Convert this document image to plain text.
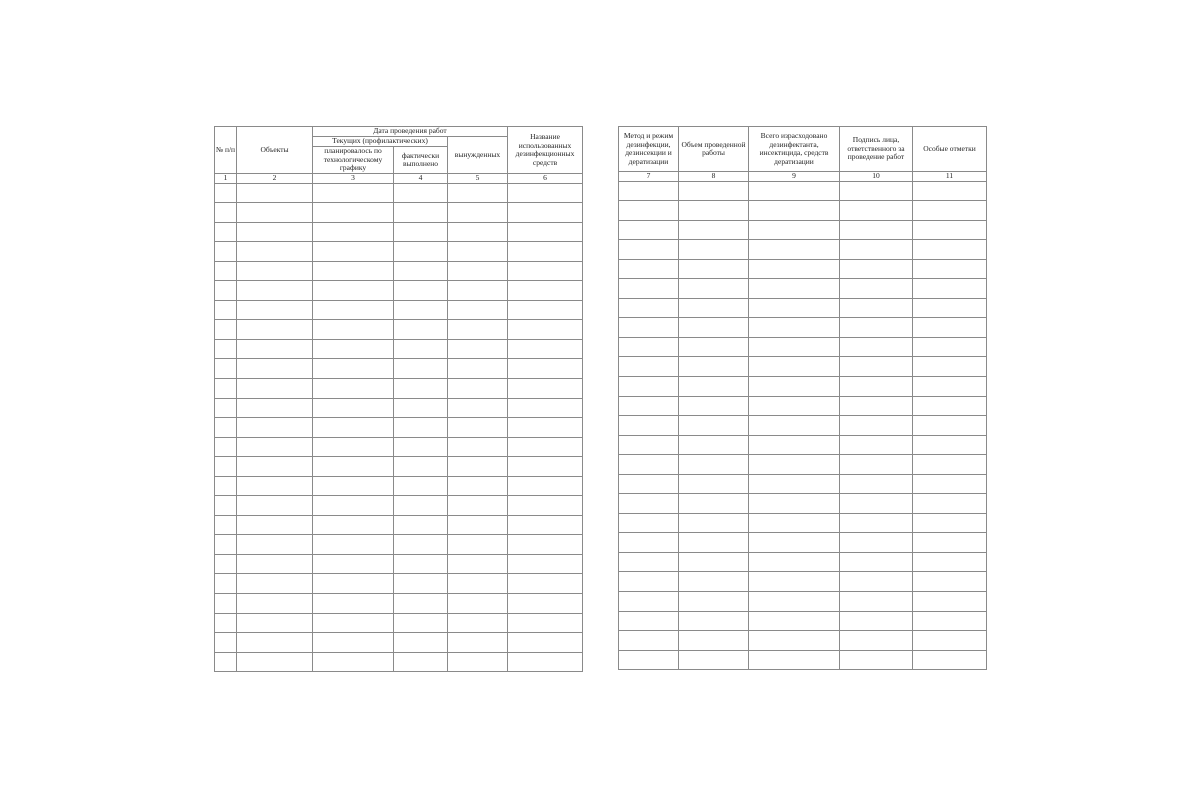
№ п/п	Объекты	Дата проведения работ			Название использованных дезинфекционных средств
		Текущих (профилактических)		вынужденных	
		планировалось по технологическому графику	фактически выполнено		
1	2	3	4	5	6

Метод и режим дезинфекции, дезинсекции и дератизации	Объем проведенной работы	Всего израсходовано дезинфектанта, инсектицида, средств дератизации	Подпись лица, ответственного за проведение работ	Особые отметки
7	8	9	10	11
